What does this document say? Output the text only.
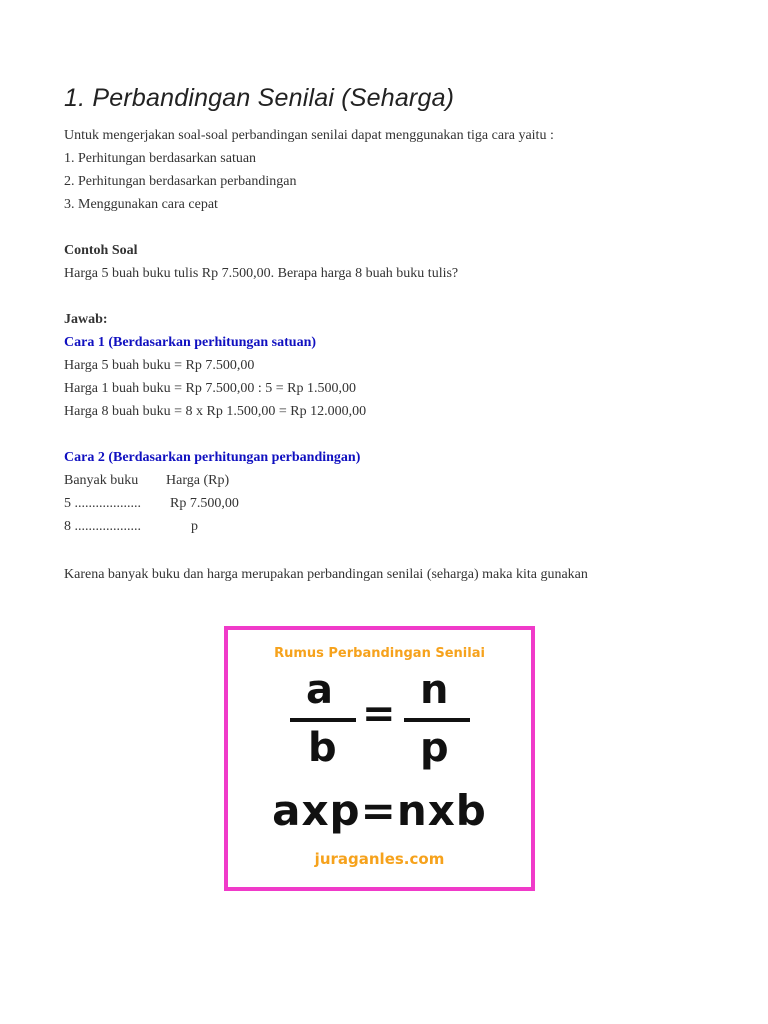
1. Perbandingan Senilai (Seharga)
Untuk mengerjakan soal-soal perbandingan senilai dapat menggunakan tiga cara yaitu :
1. Perhitungan berdasarkan satuan
2. Perhitungan berdasarkan perbandingan
3. Menggunakan cara cepat
Contoh Soal
Harga 5 buah buku tulis Rp 7.500,00. Berapa harga 8 buah buku tulis?
Jawab:
Cara 1 (Berdasarkan perhitungan satuan)
Harga 5 buah buku = Rp 7.500,00
Harga 1 buah buku = Rp 7.500,00 : 5 = Rp 1.500,00
Harga 8 buah buku = 8 x Rp 1.500,00 = Rp 12.000,00
Cara 2 (Berdasarkan perhitungan perbandingan)
Banyak buku Harga (Rp)
5 ................... Rp 7.500,00
8 ...................	p
Karena banyak buku dan harga merupakan perbandingan senilai (seharga) maka kita gunakan
Rumus Perbandingan Senilai
a
b
=
n
p
axp=nxb
juraganles.com
